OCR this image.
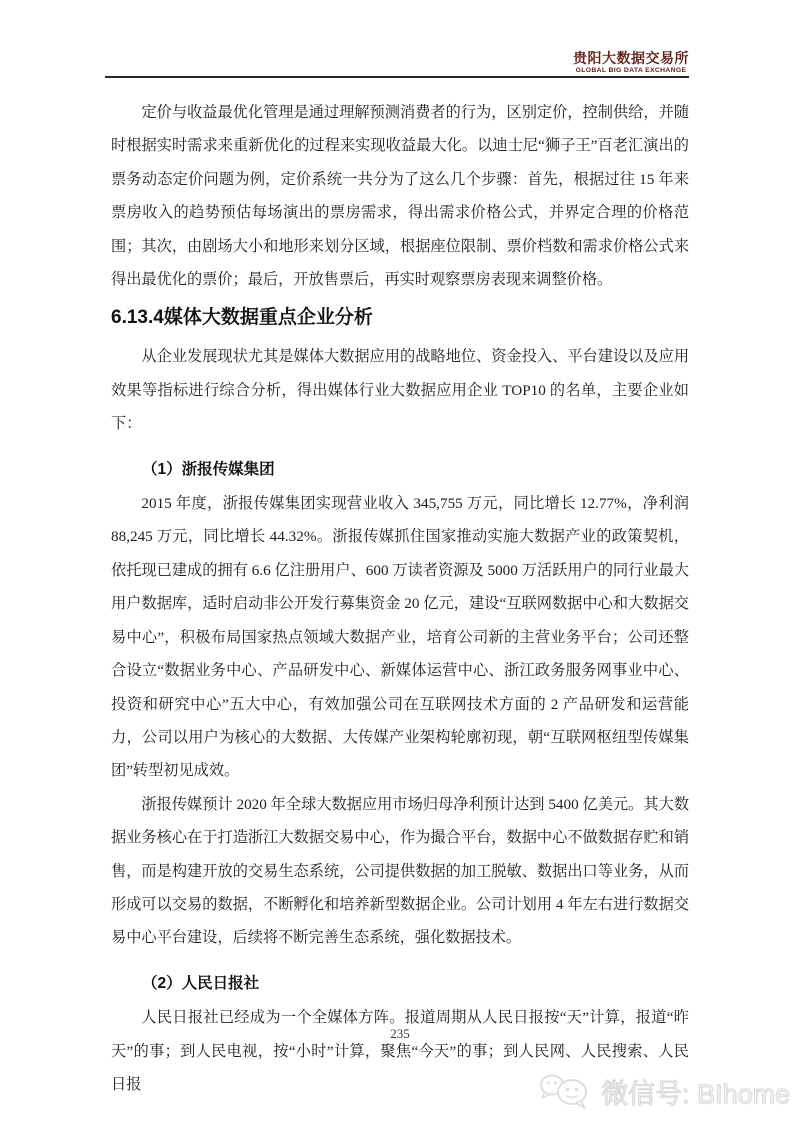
贵阳大数据交易所
GLOBAL BIG DATA EXCHANGE

定价与收益最优化管理是通过理解预测消费者的行为，区别定价，控制供给，并随时根据实时需求来重新优化的过程来实现收益最大化。以迪士尼“狮子王”百老汇演出的票务动态定价问题为例，定价系统一共分为了这么几个步骤：首先，根据过往 15 年来票房收入的趋势预估每场演出的票房需求，得出需求价格公式，并界定合理的价格范围；其次，由剧场大小和地形来划分区域，根据座位限制、票价档数和需求价格公式来得出最优化的票价；最后，开放售票后，再实时观察票房表现来调整价格。

6.13.4媒体大数据重点企业分析

从企业发展现状尤其是媒体大数据应用的战略地位、资金投入、平台建设以及应用效果等指标进行综合分析，得出媒体行业大数据应用企业 TOP10 的名单，主要企业如下：

（1）浙报传媒集团

2015 年度，浙报传媒集团实现营业收入 345,755 万元，同比增长 12.77%，净利润 88,245 万元，同比增长 44.32%。浙报传媒抓住国家推动实施大数据产业的政策契机，依托现已建成的拥有 6.6 亿注册用户、600 万读者资源及 5000 万活跃用户的同行业最大用户数据库，适时启动非公开发行募集资金 20 亿元，建设“互联网数据中心和大数据交易中心”，积极布局国家热点领域大数据产业，培育公司新的主营业务平台；公司还整合设立“数据业务中心、产品研发中心、新媒体运营中心、浙江政务服务网事业中心、投资和研究中心”五大中心，有效加强公司在互联网技术方面的 2 产品研发和运营能力，公司以用户为核心的大数据、大传媒产业架构轮廓初现，朝“互联网枢纽型传媒集团”转型初见成效。

浙报传媒预计 2020 年全球大数据应用市场归母净利预计达到 5400 亿美元。其大数据业务核心在于打造浙江大数据交易中心，作为撮合平台，数据中心不做数据存贮和销售，而是构建开放的交易生态系统，公司提供数据的加工脱敏、数据出口等业务，从而形成可以交易的数据，不断孵化和培养新型数据企业。公司计划用 4 年左右进行数据交易中心平台建设，后续将不断完善生态系统，强化数据技术。

（2）人民日报社

人民日报社已经成为一个全媒体方阵。报道周期从人民日报按“天”计算，报道“昨天”的事；到人民电视，按“小时”计算，聚焦“今天”的事；到人民网、人民搜索、人民日报

235
微信号: BIhome
